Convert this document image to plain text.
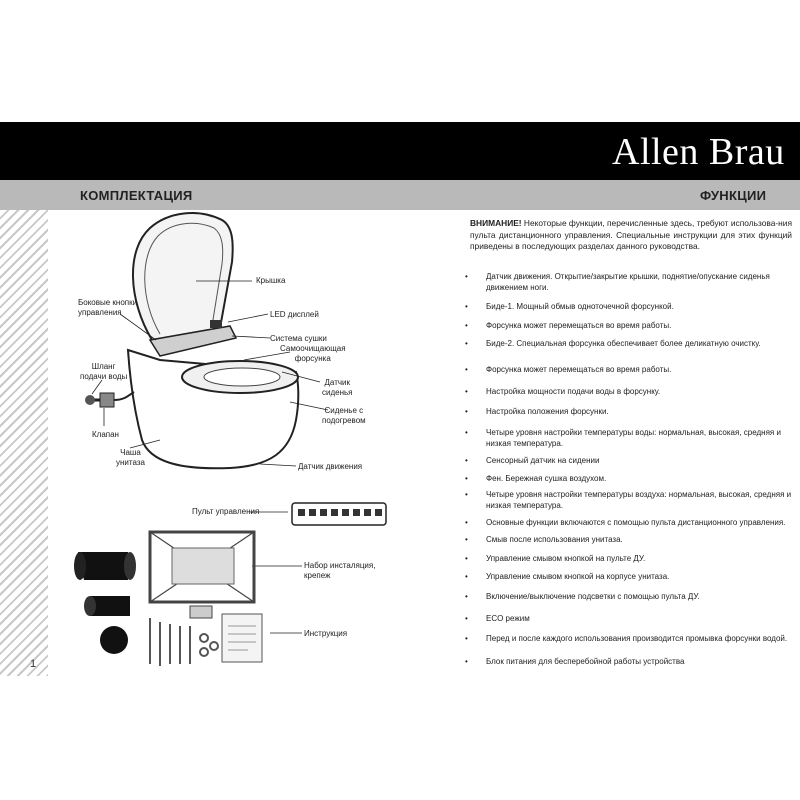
Allen Brau
КОМПЛЕКТАЦИЯ	ФУНКЦИИ
Крышка
Боковые кнопки
управления	LED дисплей
Система сушки
Самоочищающая
форсунка
Датчик
сиденья
Шланг
подачи воды
Сиденье с
подогревом
Клапан
Чаша
унитаза	Датчик движения
Пульт управления
Набор инсталяция,
крепеж
Инструкция
ВНИМАНИЕ! Некоторые функции, перечисленные здесь, требуют использова-ния пульта дистанционного управления. Специальные инструкции для этих функций приведены в последующих разделах данного руководства.
•	Датчик движения. Открытие/закрытие крышки, поднятие/опускание сиденья движением ноги.
•	Биде-1. Мощный обмыв одноточечной форсункой.
•	Форсунка может перемещаться во время работы.
•	Биде-2. Специальная форсунка обеспечивает более деликатную очистку.
•	Форсунка может перемещаться во время работы.
•	Настройка мощности подачи воды в форсунку.
•	Настройка положения форсунки.
•	Четыре уровня настройки температуры воды: нормальная, высокая, средняя и низкая температура.
•	Сенсорный датчик на сидении
•	Фен. Бережная сушка воздухом.
•	Четыре уровня настройки температуры воздуха: нормальная, высокая, средняя и низкая температура.
•	Основные функции включаются с помощью пульта дистанционного управления.
•	Смыв после использования унитаза.
•	Управление смывом кнопкой на пульте ДУ.
•	Управление смывом кнопкой на корпусе унитаза.
•	Включение/выключение подсветки с помощью пульта ДУ.
•	ECO режим
•	Перед и после каждого использования производится промывка форсунки водой.
•	Блок питания для бесперебойной работы устройства
1
